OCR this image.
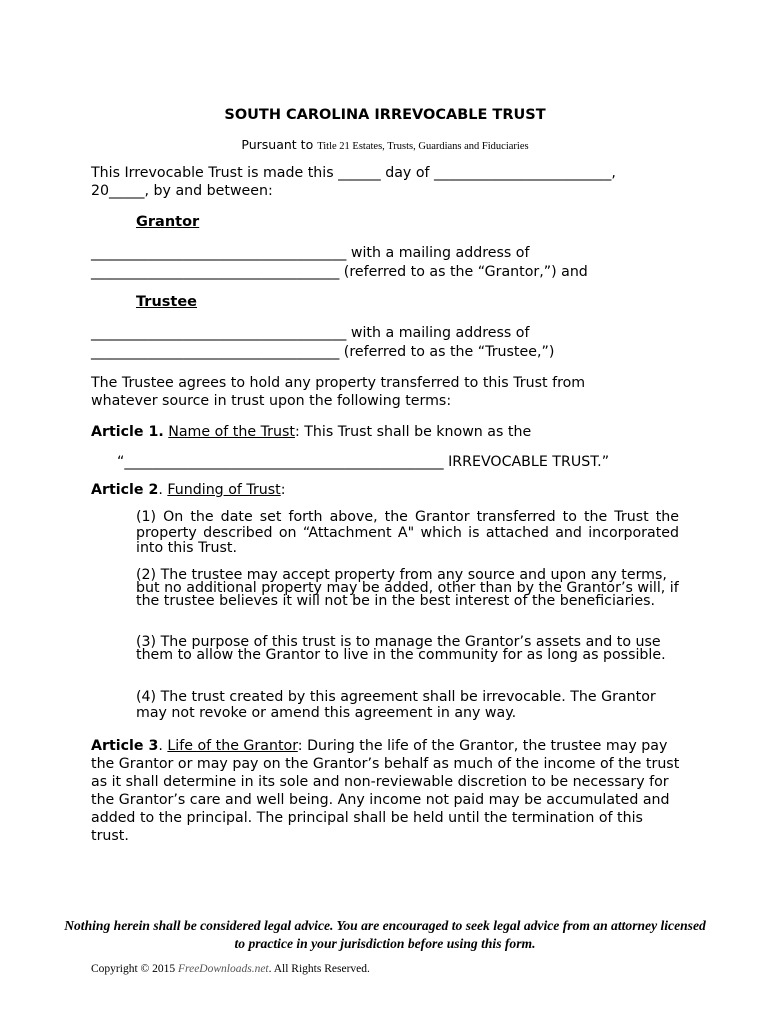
SOUTH CAROLINA IRREVOCABLE TRUST
Pursuant to Title 21 Estates, Trusts, Guardians and Fiduciaries
This Irrevocable Trust is made this ______ day of _________________________,
20_____, by and between:
Grantor
____________________________________ with a mailing address of
___________________________________ (referred to as the “Grantor,”) and
Trustee
____________________________________ with a mailing address of
___________________________________ (referred to as the “Trustee,”)
The Trustee agrees to hold any property transferred to this Trust from whatever source in trust upon the following terms:
Article 1. Name of the Trust: This Trust shall be known as the
“_____________________________________________ IRREVOCABLE TRUST.”
Article 2. Funding of Trust:
(1) On the date set forth above, the Grantor transferred to the Trust the property described on “Attachment A" which is attached and incorporated into this Trust.
(2) The trustee may accept property from any source and upon any terms, but no additional property may be added, other than by the Grantor’s will, if the trustee believes it will not be in the best interest of the beneficiaries.
(3) The purpose of this trust is to manage the Grantor’s assets and to use them to allow the Grantor to live in the community for as long as possible.
(4) The trust created by this agreement shall be irrevocable. The Grantor may not revoke or amend this agreement in any way.
Article 3. Life of the Grantor: During the life of the Grantor, the trustee may pay the Grantor or may pay on the Grantor’s behalf as much of the income of the trust as it shall determine in its sole and non-reviewable discretion to be necessary for the Grantor’s care and well being. Any income not paid may be accumulated and added to the principal. The principal shall be held until the termination of this trust.
Nothing herein shall be considered legal advice. You are encouraged to seek legal advice from an attorney licensed to practice in your jurisdiction before using this form.
Copyright © 2015 FreeDownloads.net. All Rights Reserved.
